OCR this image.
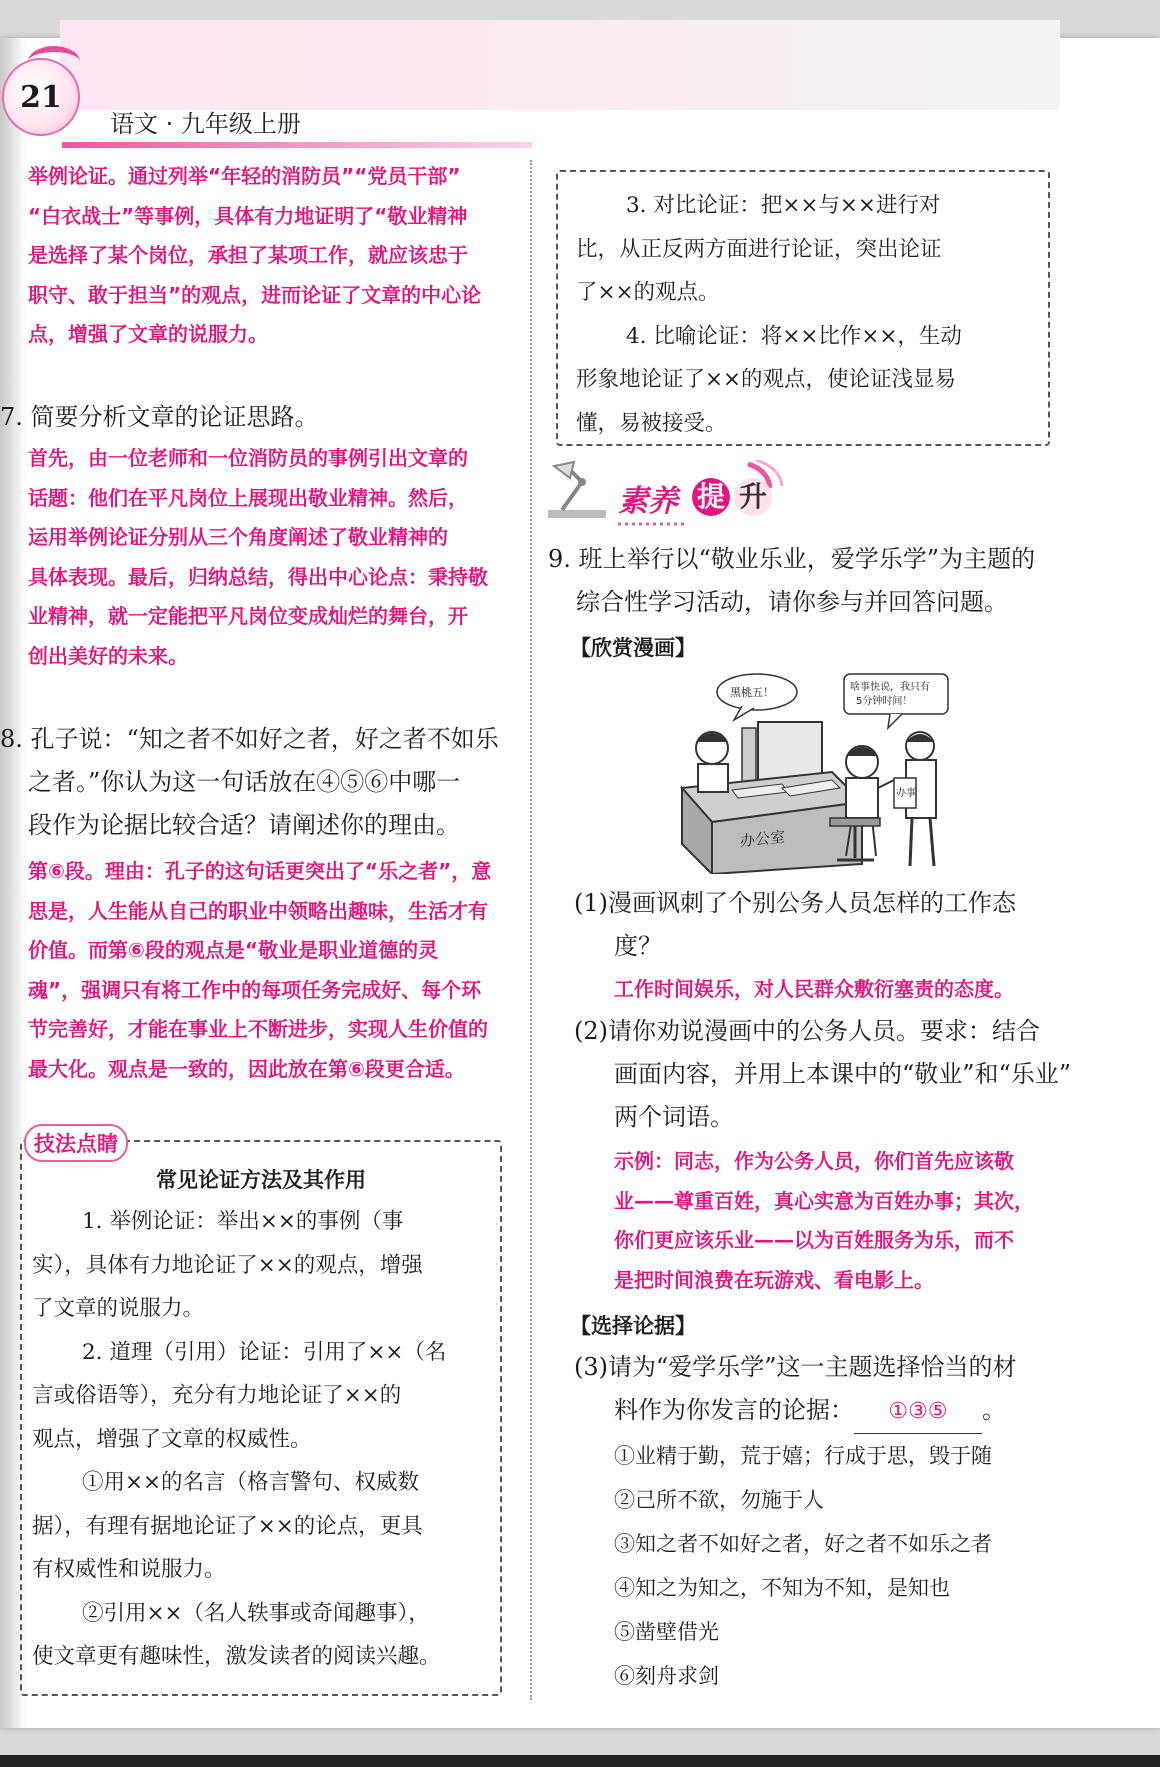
21
语文 · 九年级上册
举例论证。通过列举“年轻的消防员”“党员干部”
“白衣战士”等事例，具体有力地证明了“敬业精神
是选择了某个岗位，承担了某项工作，就应该忠于
职守、敢于担当”的观点，进而论证了文章的中心论
点，增强了文章的说服力。
7. 简要分析文章的论证思路。
首先，由一位老师和一位消防员的事例引出文章的
话题：他们在平凡岗位上展现出敬业精神。然后，
运用举例论证分别从三个角度阐述了敬业精神的
具体表现。最后，归纳总结，得出中心论点：秉持敬
业精神，就一定能把平凡岗位变成灿烂的舞台，开
创出美好的未来。
8. 孔子说：“知之者不如好之者，好之者不如乐
之者。”你认为这一句话放在④⑤⑥中哪一
段作为论据比较合适？请阐述你的理由。
第⑥段。理由：孔子的这句话更突出了“乐之者”，意
思是，人生能从自己的职业中领略出趣味，生活才有
价值。而第⑥段的观点是“敬业是职业道德的灵
魂”，强调只有将工作中的每项任务完成好、每个环
节完善好，才能在事业上不断进步，实现人生价值的
最大化。观点是一致的，因此放在第⑥段更合适。
常见论证方法及其作用

1. 举例论证：举出××的事例（事

实），具体有力地论证了××的观点，增强

了文章的说服力。

2. 道理（引用）论证：引用了××（名

言或俗语等），充分有力地论证了××的

观点，增强了文章的权威性。

①用××的名言（格言警句、权威数

据），有理有据地论证了××的论点，更具

有权威性和说服力。

②引用××（名人轶事或奇闻趣事），

使文章更有趣味性，激发读者的阅读兴趣。

技法点睛

3. 对比论证：把××与××进行对

比，从正反两方面进行论证，突出论证

了××的观点。

4. 比喻论证：将××比作××，生动

形象地论证了××的观点，使论证浅显易

懂，易被接受。

素养 提 升
9. 班上举行以“敬业乐业，爱学乐学”为主题的
综合性学习活动，请你参与并回答问题。
【欣赏漫画】
黑桃五！	啥事快说，我只有
5分钟时间！
办公室
办事
(1)漫画讽刺了个别公务人员怎样的工作态
度？
工作时间娱乐，对人民群众敷衍塞责的态度。
(2)请你劝说漫画中的公务人员。要求：结合
画面内容，并用上本课中的“敬业”和“乐业”
两个词语。
示例：同志，作为公务人员，你们首先应该敬
业——尊重百姓，真心实意为百姓办事；其次，
你们更应该乐业——以为百姓服务为乐，而不
是把时间浪费在玩游戏、看电影上。
【选择论据】
(3)请为“爱学乐学”这一主题选择恰当的材
料作为你发言的论据： ①③⑤ 。
①业精于勤，荒于嬉；行成于思，毁于随
②己所不欲，勿施于人
③知之者不如好之者，好之者不如乐之者
④知之为知之，不知为不知，是知也
⑤凿壁借光
⑥刻舟求剑
